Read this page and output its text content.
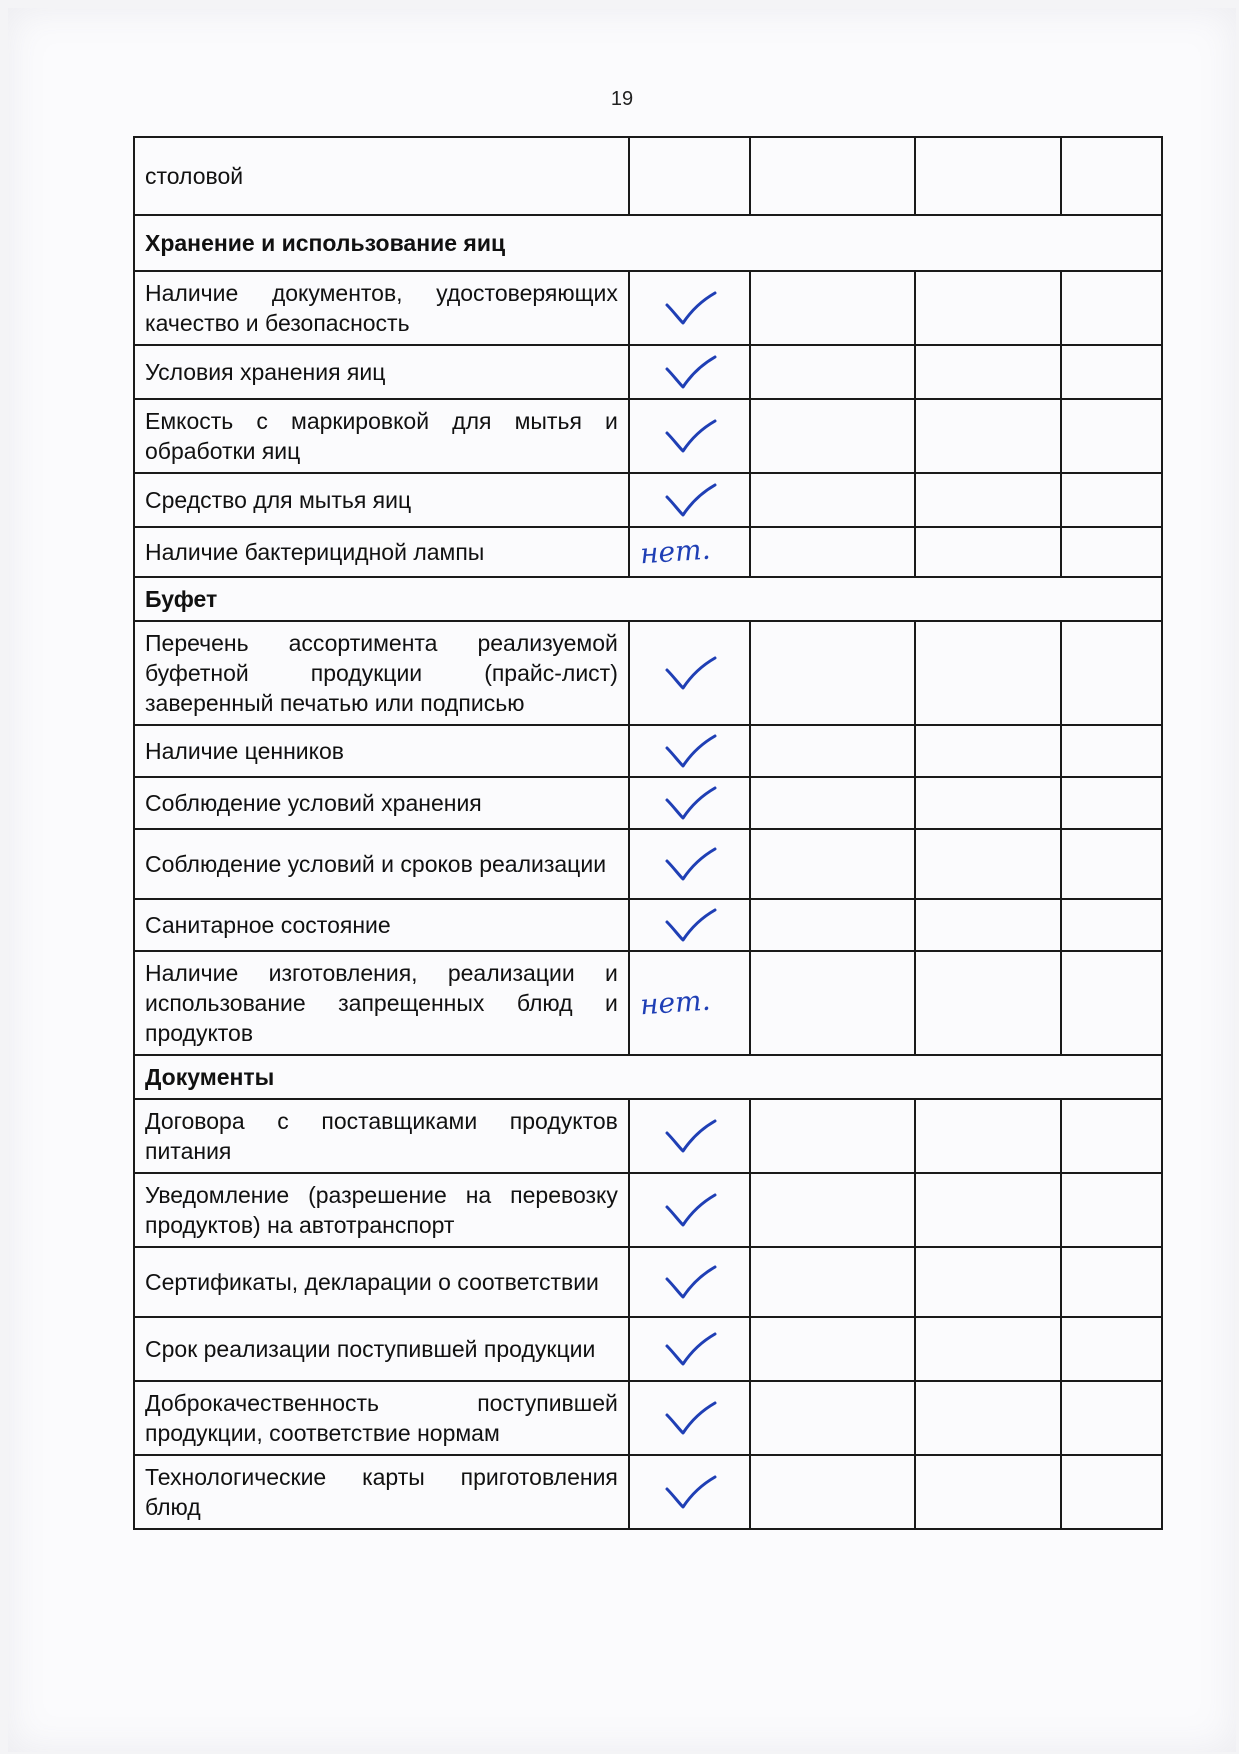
19
столовой				
Хранение и использование яиц				
Наличие документов, удостоверяющих качество и безопасность	

Условия хранения яиц	

Емкость с маркировкой для мытья и обработки яиц	

Средство для мытья яиц	

Наличие бактерицидной лампы	нет.			
Буфет				
Перечень ассортимента реализуемой буфетной продукции (прайс-лист) заверенный печатью или подписью	

Наличие ценников	

Соблюдение условий хранения	

Соблюдение условий и сроков реализации	

Санитарное состояние	

Наличие изготовления, реализации и использование запрещенных блюд и продуктов	нет.			
Документы				
Договора с поставщиками продуктов питания	

Уведомление (разрешение на перевозку продуктов) на автотранспорт	

Сертификаты, декларации о соответствии	

Срок реализации поступившей продукции	

Доброкачественность поступившей продукции, соответствие нормам	

Технологические карты приготовления блюд	
